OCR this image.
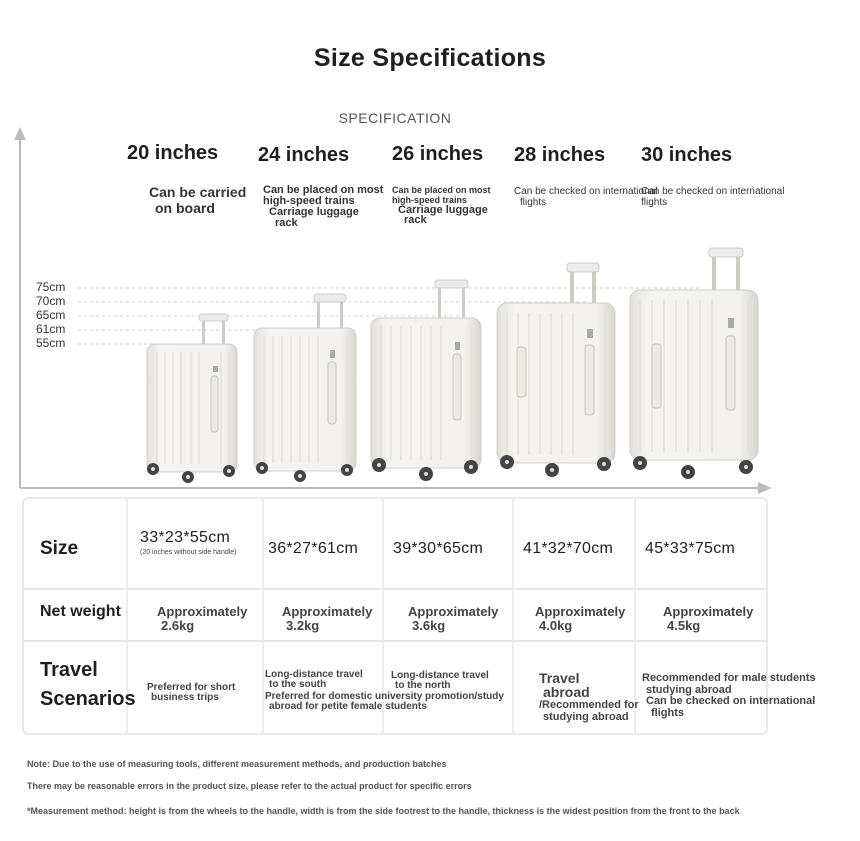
Size Specifications
SPECIFICATION
20 inches 24 inches 26 inches 28 inches 30 inches
Can be carried
on board
Can be placed on most
high-speed trains
Carriage luggage
rack
Can be placed on most
high-speed trains
Carriage luggage
rack
Can be checked on international
flights
Can be checked on international
flights
75cm
70cm
65cm
61cm
55cm
Size
Net weight
Travel
Scenarios
33*23*55cm
(20 inches without side handle) 36*27*61cm 39*30*65cm 41*32*70cm 45*33*75cm
Approximately
2.6kg
Approximately
3.2kg
Approximately
3.6kg
Approximately
4.0kg
Approximately
4.5kg
Preferred for short
business trips
Long-distance travel
to the south
Preferred for domestic university promotion/study
abroad for petite female students
Long-distance travel
to the north	Travel
abroad
/Recommended for
studying abroad
Recommended for male students
studying abroad
Can be checked on international
flights
Note: Due to the use of measuring tools, different measurement methods, and production batches
There may be reasonable errors in the product size, please refer to the actual product for specific errors
*Measurement method: height is from the wheels to the handle, width is from the side footrest to the handle, thickness is the widest position from the front to the back
